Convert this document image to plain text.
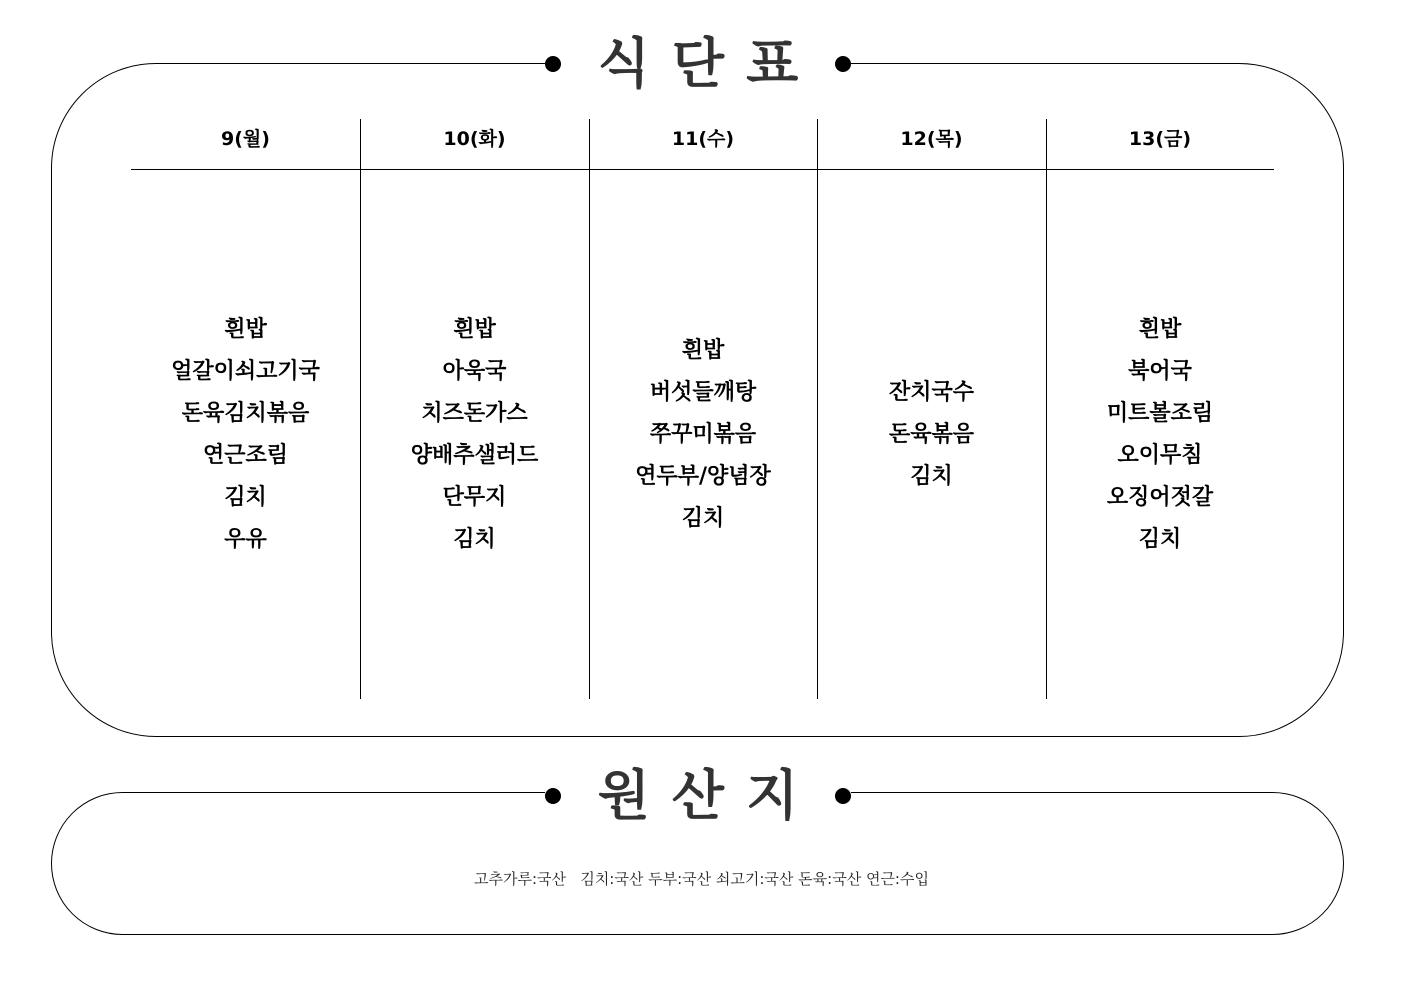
식단표
9(월)
흰밥
얼갈이쇠고기국
돈육김치볶음
연근조림
김치
우유
10(화)
흰밥
아욱국
치즈돈가스
양배추샐러드
단무지
김치
11(수)
흰밥
버섯들깨탕
쭈꾸미볶음
연두부/양념장
김치
12(목)
잔치국수
돈육볶음
김치
13(금)
흰밥
북어국
미트볼조림
오이무침
오징어젓갈
김치
원산지
고추가루:국산   김치:국산 두부:국산 쇠고기:국산 돈육:국산 연근:수입
